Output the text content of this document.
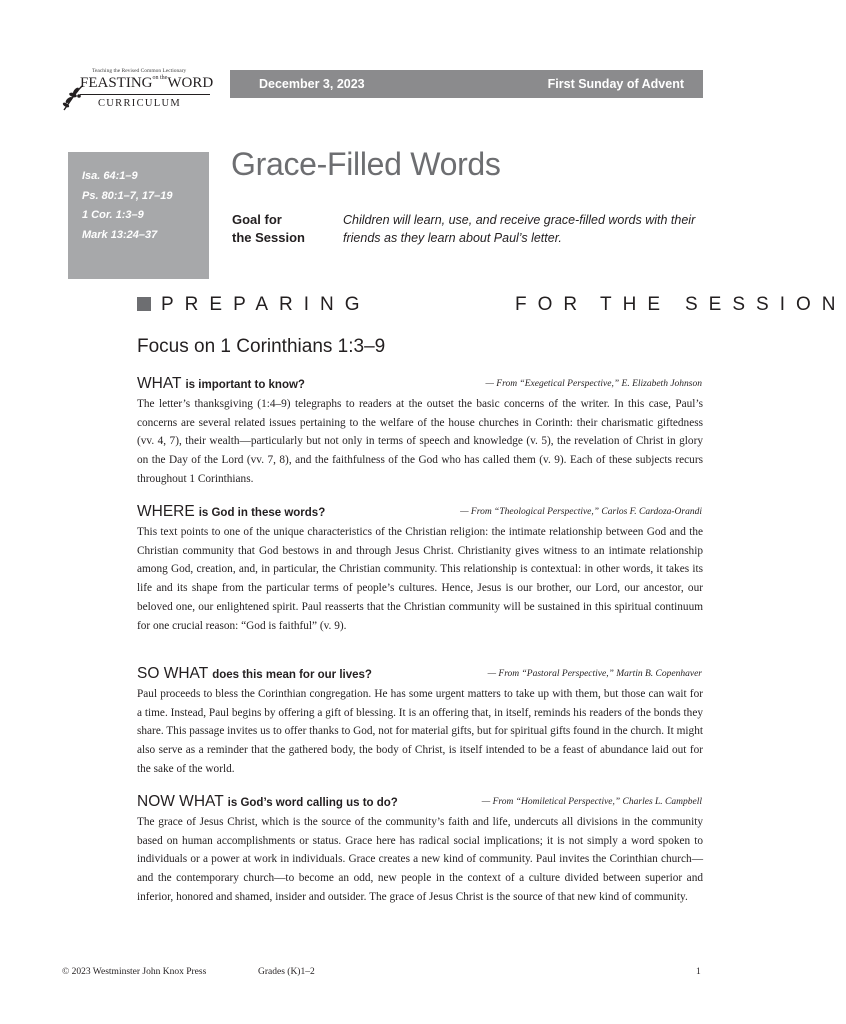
Teaching the Revised Common Lectionary
$FEASTING^{on the}WORD$
CURRICULUM
December 3, 2023	First Sunday of Advent
Isa. 64:1–9
Ps. 80:1–7, 17–19
1 Cor. 1:3–9
Mark 13:24–37
Grace-Filled Words
Goal for
the Session
Children will learn, use, and receive grace-filled words with their friends as they learn about Paul’s letter.
PREPARING	FOR THE SESSION
Focus on 1 Corinthians 1:3–9
WHAT is important to know?	— From “Exegetical Perspective,” E. Elizabeth Johnson

The letter’s thanksgiving (1:4–9) telegraphs to readers at the outset the basic concerns of the writer. In this case, Paul’s concerns are several related issues pertaining to the welfare of the house churches in Corinth: their charismatic giftedness (vv. 4, 7), their wealth—particularly but not only in terms of speech and knowledge (v. 5), the revelation of Christ in glory on the Day of the Lord (vv. 7, 8), and the faithfulness of the God who has called them (v. 9). Each of these subjects recurs throughout 1 Corinthians.

WHERE is God in these words?	— From “Theological Perspective,” Carlos F. Cardoza-Orandi

This text points to one of the unique characteristics of the Christian religion: the intimate relationship between God and the Christian community that God bestows in and through Jesus Christ. Christianity gives witness to an intimate relationship among God, creation, and, in particular, the Christian community. This relationship is contextual: in other words, it takes its life and its shape from the particular terms of people’s cultures. Hence, Jesus is our brother, our Lord, our ancestor, our beloved one, our enlightened spirit. Paul reasserts that the Christian community will be sustained in this spiritual continuum for one crucial reason: “God is faithful” (v. 9).

SO WHAT does this mean for our lives?	— From “Pastoral Perspective,” Martin B. Copenhaver

Paul proceeds to bless the Corinthian congregation. He has some urgent matters to take up with them, but those can wait for a time. Instead, Paul begins by offering a gift of blessing. It is an offering that, in itself, reminds his readers of the bonds they share. This passage invites us to offer thanks to God, not for material gifts, but for spiritual gifts found in the church. It might also serve as a reminder that the gathered body, the body of Christ, is itself intended to be a feast of abundance laid out for the sake of the world.

NOW WHAT is God’s word calling us to do?	— From “Homiletical Perspective,” Charles L. Campbell

The grace of Jesus Christ, which is the source of the community’s faith and life, undercuts all divisions in the community based on human accomplishments or status. Grace here has radical social implications; it is not simply a word spoken to individuals or a power at work in individuals. Grace creates a new kind of community. Paul invites the Corinthian church—and the contemporary church—to become an odd, new people in the context of a culture divided between superior and inferior, honored and shamed, insider and outsider. The grace of Jesus Christ is the source of that new kind of community.

© 2023 Westminster John Knox Press	Grades (K)1–2	1
